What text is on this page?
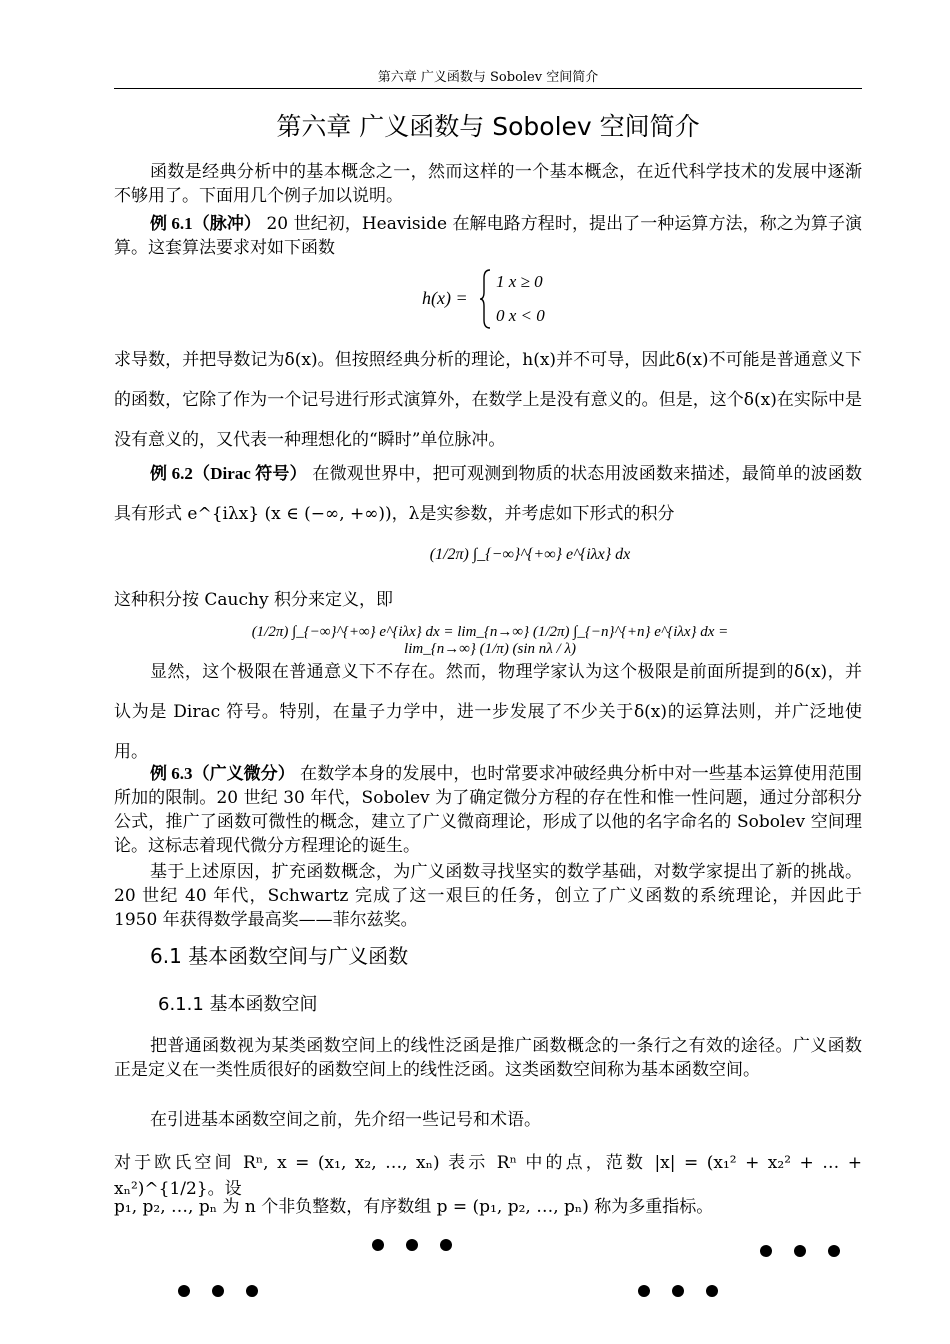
第六章 广义函数与 Sobolev 空间简介
第六章 广义函数与 Sobolev 空间简介

函数是经典分析中的基本概念之一，然而这样的一个基本概念，在近代科学技术的发展中逐渐不够用了。下面用几个例子加以说明。

例 6.1（脉冲） 20 世纪初，Heaviside 在解电路方程时，提出了一种运算方法，称之为算子演算。这套算法要求对如下函数

h(x) =
1 x ≥ 0
0 x < 0

求导数，并把导数记为δ(x)。但按照经典分析的理论，h(x)并不可导，因此δ(x)不可能是普通意义下的函数，它除了作为一个记号进行形式演算外，在数学上是没有意义的。但是，这个δ(x)在实际中是没有意义的，又代表一种理想化的“瞬时”单位脉冲。

例 6.2（Dirac 符号） 在微观世界中，把可观测到物质的状态用波函数来描述，最简单的波函数具有形式 e^{iλx} (x ∈ (−∞, +∞))，λ是实参数，并考虑如下形式的积分

(1/2π) ∫_{−∞}^{+∞} e^{iλx} dx

这种积分按 Cauchy 积分来定义，即

(1/2π) ∫_{−∞}^{+∞} e^{iλx} dx = lim_{n→∞} (1/2π) ∫_{−n}^{+n} e^{iλx} dx = lim_{n→∞} (1/π) (sin nλ / λ)

显然，这个极限在普通意义下不存在。然而，物理学家认为这个极限是前面所提到的δ(x)，并认为是 Dirac 符号。特别，在量子力学中，进一步发展了不少关于δ(x)的运算法则，并广泛地使用。

例 6.3（广义微分） 在数学本身的发展中，也时常要求冲破经典分析中对一些基本运算使用范围所加的限制。20 世纪 30 年代，Sobolev 为了确定微分方程的存在性和惟一性问题，通过分部积分公式，推广了函数可微性的概念，建立了广义微商理论，形成了以他的名字命名的 Sobolev 空间理论。这标志着现代微分方程理论的诞生。

基于上述原因，扩充函数概念，为广义函数寻找坚实的数学基础，对数学家提出了新的挑战。20 世纪 40 年代，Schwartz 完成了这一艰巨的任务，创立了广义函数的系统理论，并因此于 1950 年获得数学最高奖——菲尔兹奖。

6.1 基本函数空间与广义函数
6.1.1 基本函数空间

把普通函数视为某类函数空间上的线性泛函是推广函数概念的一条行之有效的途径。广义函数正是定义在一类性质很好的函数空间上的线性泛函。这类函数空间称为基本函数空间。

在引进基本函数空间之前，先介绍一些记号和术语。

对于欧氏空间 Rⁿ, x = (x₁, x₂, …, xₙ) 表示 Rⁿ 中的点，范数 |x| = (x₁² + x₂² + … + xₙ²)^{1/2}。设

p₁, p₂, …, pₙ 为 n 个非负整数，有序数组 p = (p₁, p₂, …, pₙ) 称为多重指标。
